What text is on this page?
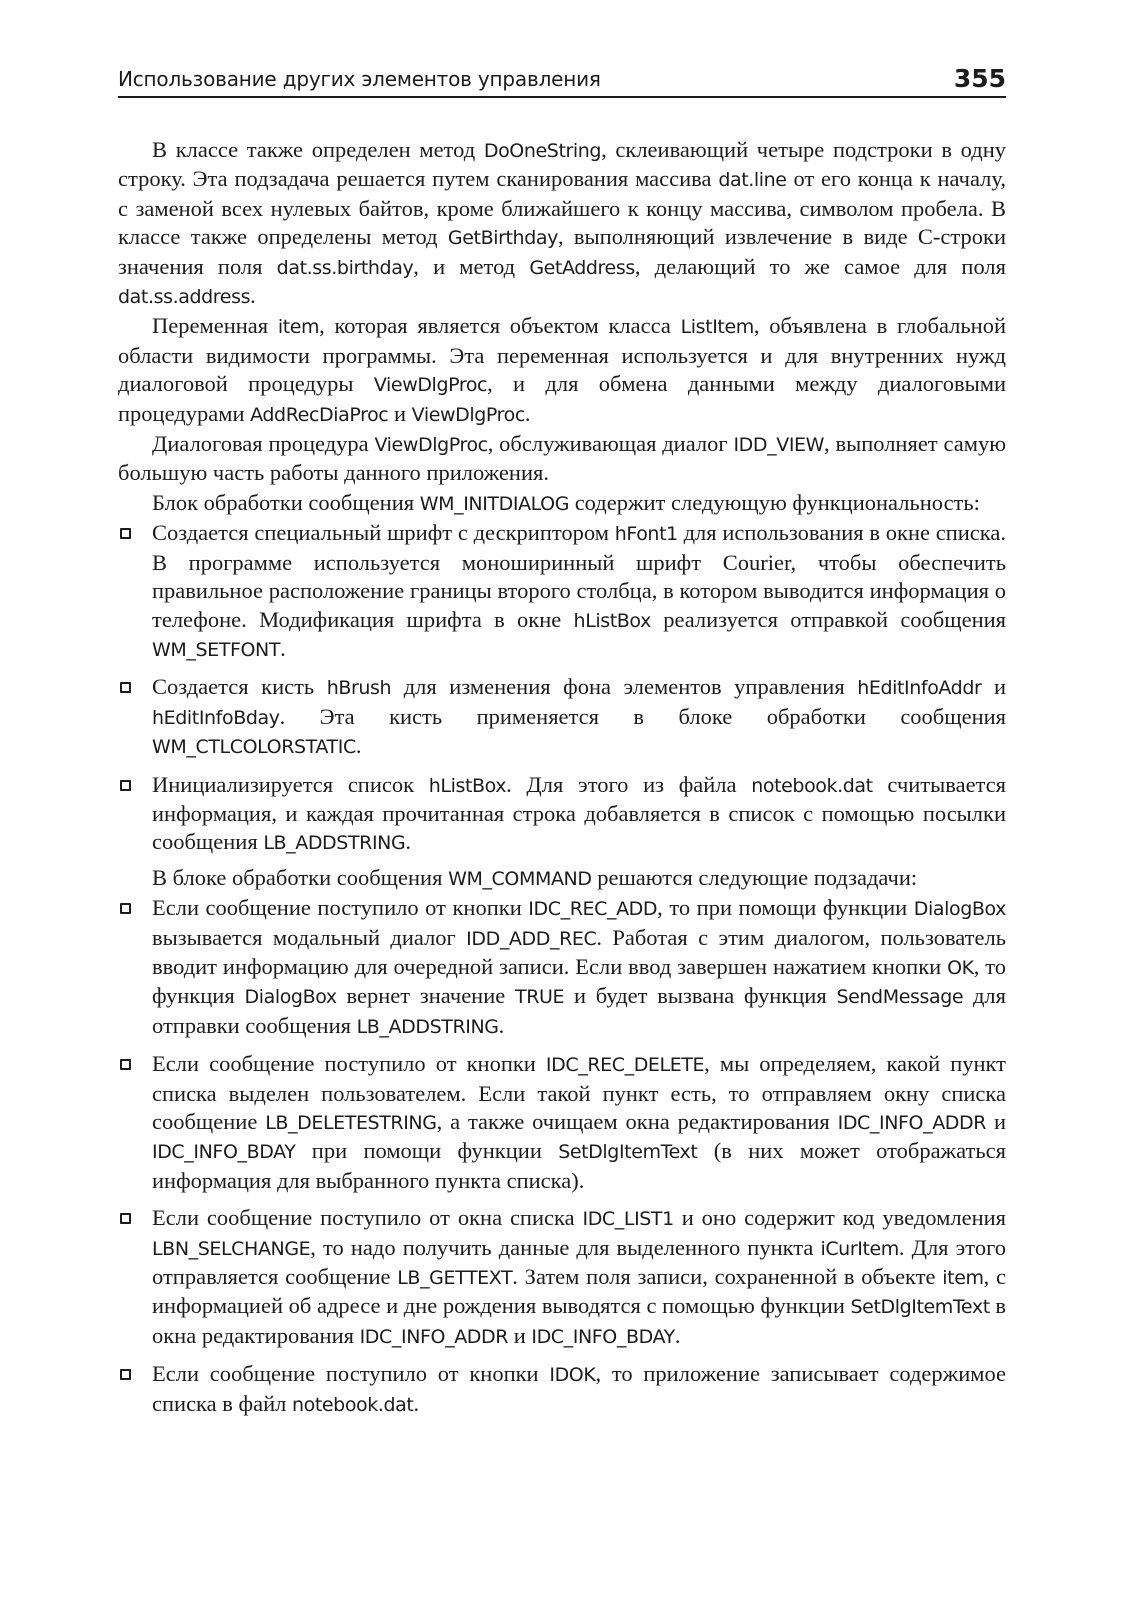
Использование других элементов управления	355

В классе также определен метод DoOneString, склеивающий четыре подстроки в одну строку. Эта подзадача решается путем сканирования массива dat.line от его конца к началу, с заменой всех нулевых байтов, кроме ближайшего к концу массива, символом пробела. В классе также определены метод GetBirthday, выполняющий извлечение в виде С-строки значения поля dat.ss.birthday, и метод GetAddress, делающий то же самое для поля dat.ss.address.

Переменная item, которая является объектом класса ListItem, объявлена в глобальной области видимости программы. Эта переменная используется и для внутренних нужд диалоговой процедуры ViewDlgProc, и для обмена данными между диалоговыми процедурами AddRecDiaProc и ViewDlgProc.

Диалоговая процедура ViewDlgProc, обслуживающая диалог IDD_VIEW, выполняет самую большую часть работы данного приложения.

Блок обработки сообщения WM_INITDIALOG содержит следующую функциональность:

Создается специальный шрифт с дескриптором hFont1 для использования в окне списка. В программе используется моноширинный шрифт Courier, чтобы обеспечить правильное расположение границы второго столбца, в котором выводится информация о телефоне. Модификация шрифта в окне hListBox реализуется отправкой сообщения WM_SETFONT.
Создается кисть hBrush для изменения фона элементов управления hEditInfoAddr и hEditInfoBday. Эта кисть применяется в блоке обработки сообщения WM_CTLCOLORSTATIC.
Инициализируется список hListBox. Для этого из файла notebook.dat считывается информация, и каждая прочитанная строка добавляется в список с помощью посылки сообщения LB_ADDSTRING.

В блоке обработки сообщения WM_COMMAND решаются следующие подзадачи:

Если сообщение поступило от кнопки IDC_REC_ADD, то при помощи функции DialogBox вызывается модальный диалог IDD_ADD_REC. Работая с этим диалогом, пользователь вводит информацию для очередной записи. Если ввод завершен нажатием кнопки OK, то функция DialogBox вернет значение TRUE и будет вызвана функция SendMessage для отправки сообщения LB_ADDSTRING.
Если сообщение поступило от кнопки IDC_REC_DELETE, мы определяем, какой пункт списка выделен пользователем. Если такой пункт есть, то отправляем окну списка сообщение LB_DELETESTRING, а также очищаем окна редактирования IDC_INFO_ADDR и IDC_INFO_BDAY при помощи функции SetDlgItemText (в них может отображаться информация для выбранного пункта списка).
Если сообщение поступило от окна списка IDC_LIST1 и оно содержит код уведомления LBN_SELCHANGE, то надо получить данные для выделенного пункта iCurItem. Для этого отправляется сообщение LB_GETTEXT. Затем поля записи, сохраненной в объекте item, с информацией об адресе и дне рождения выводятся с помощью функции SetDlgItemText в окна редактирования IDC_INFO_ADDR и IDC_INFO_BDAY.
Если сообщение поступило от кнопки IDOK, то приложение записывает содержимое списка в файл notebook.dat.
